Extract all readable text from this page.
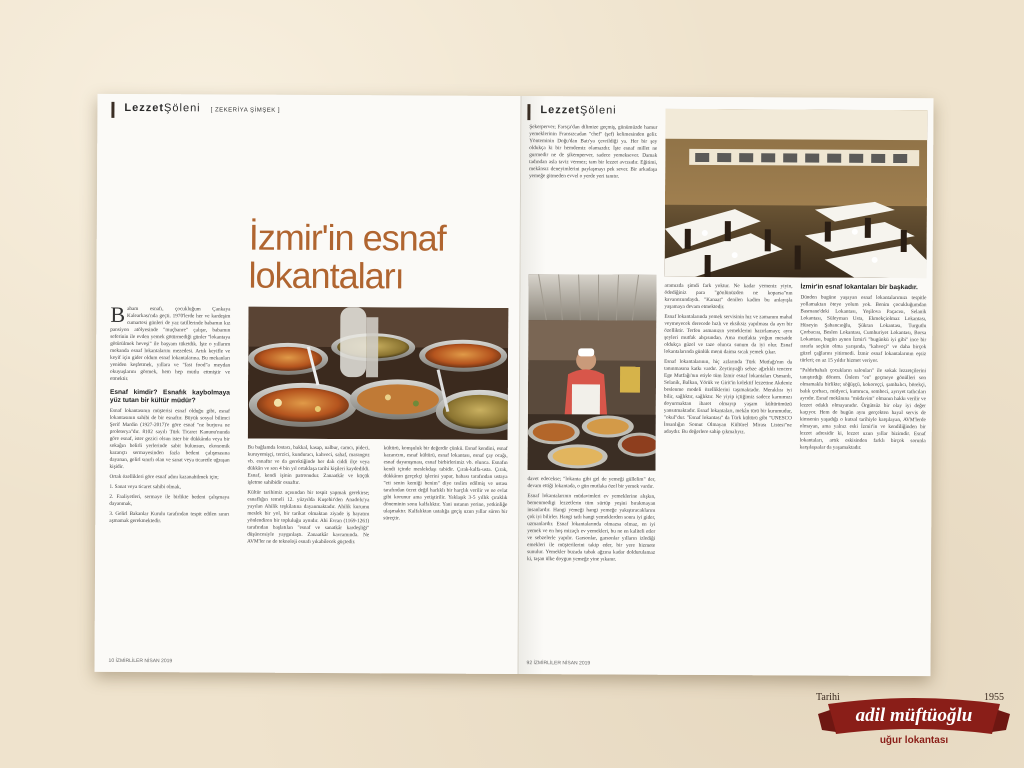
LezzetŞöleni [ ZEKERİYA ŞİMŞEK ]
İzmir'in esnaf
lokantaları

Babam esnafı, çocukluğum Çankaya Kalearkası'nda geçti. 1970'lerde her ve kardeşim cumartesi günleri de yaz tatillerinde babamın kız pansiyon atölyesinde "muçbanre" çalışır, babamın seferinin ile evden yemek götürmediği günler "lokantaya götürülmek heveşi" ile başyam tüketdik. İşte o yıllarım mekanda esnaf lokantalarını mezedesi. Artık keyifle ve keyif için gider oldum esnaf lokantalarına. Bu mekanları yeniden keşfetmek, yıllara ve "fast food"a meydan okuyuşlarını görmek, hem hep mutlu ettmiştir ve etmektir.

Esnaf kimdir? Esnafık kaybolmaya yüz tutan bir kültür müdür?

Esnaf lokantasının müşterisi esnaf olduğu gibi, esnaf lokantasının sahibi de bir esnaftır. Büyük sosyal bilimci Şerif Mardin (1927-2017)'e göre esnaf "ne burjuva ne proleterya"dır. 8102 sayılı Türk Ticaret Kanunu'nunda göre esnaf, ister gezici olsun ister bir dükkânda veya bir sokağın belirli yerlerinde sabit bulunsun, ekonomik kazançtı sermayesinden fazla bedeni çalışmasına dayanan, gelirl sınırlı olan ve sanat veya ticaretle uğraşan kişidir.

Ortak özellikleri göre esnaf adını kazanabilmek için;

1. Sanat veya ticaret sahibi olmak,

2. Faaliyetleri, sermaye ile birlikte bedeni çalışmaya dayanmak,

3. Gelirl Bakanlar Kurulu tarafından tespit edilen sınırı aşmamak gerekmektedir.

Bu bağlamda lostacı, bakkal, kasap, nalbur, camcı, pideci, kuruyemişçi, terzici, kunduracı, kahveci, sahaf, marangoz vb. esnaftır ve da gerektiğinde her dalı ciddi ilçe veya dükkân ve son 4 bin yıl ortaklaşa tarihi kişileri kaydedildi. Esnaf, kendi işinin patronudur. Zanaatkâr ve küçük işletme sahibidir esnaftır.

Kültür tarihimiz açısından bir tespit yapmak gerekirse; esnaflığın temeli 12. yüzyılda Kuşehir'den Anadolu'ya yayılan Ahilik teşkilatına dayanmaktadır. Ahilik kurumu meslek bir yol, bir tarikat olmaktan ziyade iş hayatını yönlendiren bir topluluğu aynıdır. Ahi Evran (1169-1261) tarafından başlatılan "esnaf ve sanatkâr kardeşliği" düşüncesiyle yaygınlaştı. Zanaatkâr kavramında. Ne AVM'ler ne de teknoloji esnafı yıkabilecek güçtedir.

kültürü, komşuluk bir değerdir çünkü. Esnaf kendini, esnaf kazancını, esnaf kültürü, esnaf lokantası, esnaf çay ocağı, esnaf dayanışması, esnaf birbirlerimiz vb. olunca. Esnafın kendi içinde meslekdaşı tabidir. Çırak-kalfa-usta. Çırak, dükkânın gerçekçi işlerini yapar, babası tarafından ustaya "eti senin kemiği benim" diye teslim edilmiş ve ustası tarafından ücret değil harlıklı bir harçlık verilir ve ne evlat gibi korunur ama yetiştirilir. Yaklaşık 3-5 yıllık çıraklık döneminin sonu kalfalıktır. Yani ustanın yerine, yetkinliğe ulaşmaktır. Kalfalıktan ustalığa geçiş uzun yıllar süren bir süreçtir.

10 İZMİRLİLER NİSAN 2019
LezzetŞöleni

Şekerperver; Farsça'dan dilimize geçmiş, günümüzde hamur yemeklerinin Fransızcadan "chef" (şef) kelimesinden gelir. Yönteminin Doğu'dan Batı'ya çevrildiği ya. Her bir şey oldukça ki bir hemdemiz olamazdır. İşte esnaf millet ne gurmedir ne de şikemperver, sadece yemeksever. Damak tadından asla taviz vermez; tam bir lezzet avcısıdır. Eğitimi, mekânsız deneyimlerini paylaşmayı pek sever. Bir arkadaşa yemeğe gitmeden evvel o yerde yeri tanıtır.

davet edecekse; "lokanta gibi gel de yemeği güllelim" der, devam ettiği lokantada, o gün mutlaka özel bir yemek vardır.

Esnaf lokantalarının müdavimleri ev yemeklerine alışkın, bemenmedigi lezzetlerin tüm sürtüp yeşini bırakmayan insanlardır. Hangi yemeği hangi yemeğe yakıştıracaklarını çok iyi bilirler. Hangi tatlı hangi yemeklerden sonra iyi gider, uzmanlardır. Esnaf lokantalarında olmazsa olmaz, en iyi yemek ve en hoş mizaçlı ev yemekleri, bu ne en kaliteli etler ve sebzelerle yapılır. Garsonlar, garsonlar yılların izlediği emekleri ile müşterilerini takip eder, bir yere hizmete sunulur. Yemekler buzada tabak ağzına kadar doldurulamaz ki, taşan ülke doygun yemeğe yine yıkanır.

aramızda şimdi fark yoktur. Ne kadar yemeniz yiyin, ödediğiniz para "gönlünüzden ne koparsa"nın kavanozundaydı. "Kanaat" denilen kadim bu anlayışla yaşamaya devam etmektedir.

Esnaf lokantalarında yemek servisinin hız ve zamanını mahal veymeyecek derecede hızlı ve eksiksiz yapılması da ayrı bir özelliktir. Terfen asmanızın yemeklerini hazırlamayı; aynı şeyleri mutfak ahçısından. Ama mutfakta yoğun mesaide oldukça güzel ve taze olunca sunum da iyi olur. Esnaf lokantalarında günlük menü daima sıcak yemek çıkar.

Esnaf lokantalarının, hiç azlarında Türk Mutfağı'nın da tanınmasına katkı vardır. Zeytinyağlı sebze ağırlıklı tencere Ege Mutfağı'nın etiyle tüm İzmir esnaf lokantaları Osmanlı, Selanik, Balkan, Yörük ve Girit'in kolektif lezzetine Akdeniz beslenme modeli özelliklerini taşımaktadır. Meraklısı iyi bilir, sağlıktır, sağlıktır. Ne yiyip içtiğimiz sadece karnımızı doyurmaktan ibaret olmayıp yaşam kültürümüzü yansıtmaktadır. Esnaf lokantaları, mekân türü bir kurumudur, "okul"dur. "Esnaf lokantası" da Türk kültürü gibi "UNESCO İnsanlığın Somut Olmayan Kültürel Mirası Listesi"ne adaydır. Bu değerlere sahip çıkmalıyız.

İzmir'in esnaf lokantaları bir başkadır.

Dünden bugüne yaşayan esnaf lokantalarımızı tespitle yollamaktan öteye yolum yok. Benim çocukluğumdan Basmane'deki Lokantası, Yeşilova Paçacısı, Selanik Lokantası, Süleyman Usta, Ekmekçiolmaz Lokantası, Hüseyin Şabancıoğlu, Şükran Lokantası, Turgutlu Çorbacısı, Beslen Lokantası, Cumhuriyet Lokantası, Borsa Lokantası, bugün aynen İzmir'i "bugünkü iyi gibi" ince bir ısrarla seçkin olma yarışında, "kahveçi" ve daha birçok güzel çağlarını yitirmedi. İzmir esnaf lokantalarının eşsiz türleri; en az 15 yıldır hizmet veriyor.

"Paldırbahalı çocukların salonları" ile sokak lezzetçilerini tanıştırdığı dönem. Önlem "en" geçmeye gönülleri son olmamakla birlikte; söğüşçü, kokoreççi, şambalıcı, börekçi, balık çorbacı, midyeci, kumrucu, sembeci, ayrıyet tatlıcıları ayrıdır. Esnaf mekânına "müdavim" olmanın hakkı verilir ve lezzet odaklı olmayanıdır. Örgütsüz bir olay iyi değer kaçıyor. Hem de bugün aynı gerçekten hayal servis de kimsenin yaşadığı o kutsal tarihiyle karşılayan, AVM'lerde olmayan, ama yalnız eski İzmir'in ve kendiliğinden bir lezzet adresidir ki, lezzet uzun yıllar bizimdir. Esnaf lokantaları, artık eskisinden farklı birçok sorunla karşılaşsalar da yaşamaktadır.

92 İZMİRLİLER NİSAN 2019
Tarihi	1955
adil müftüoğlu
uğur lokantası
